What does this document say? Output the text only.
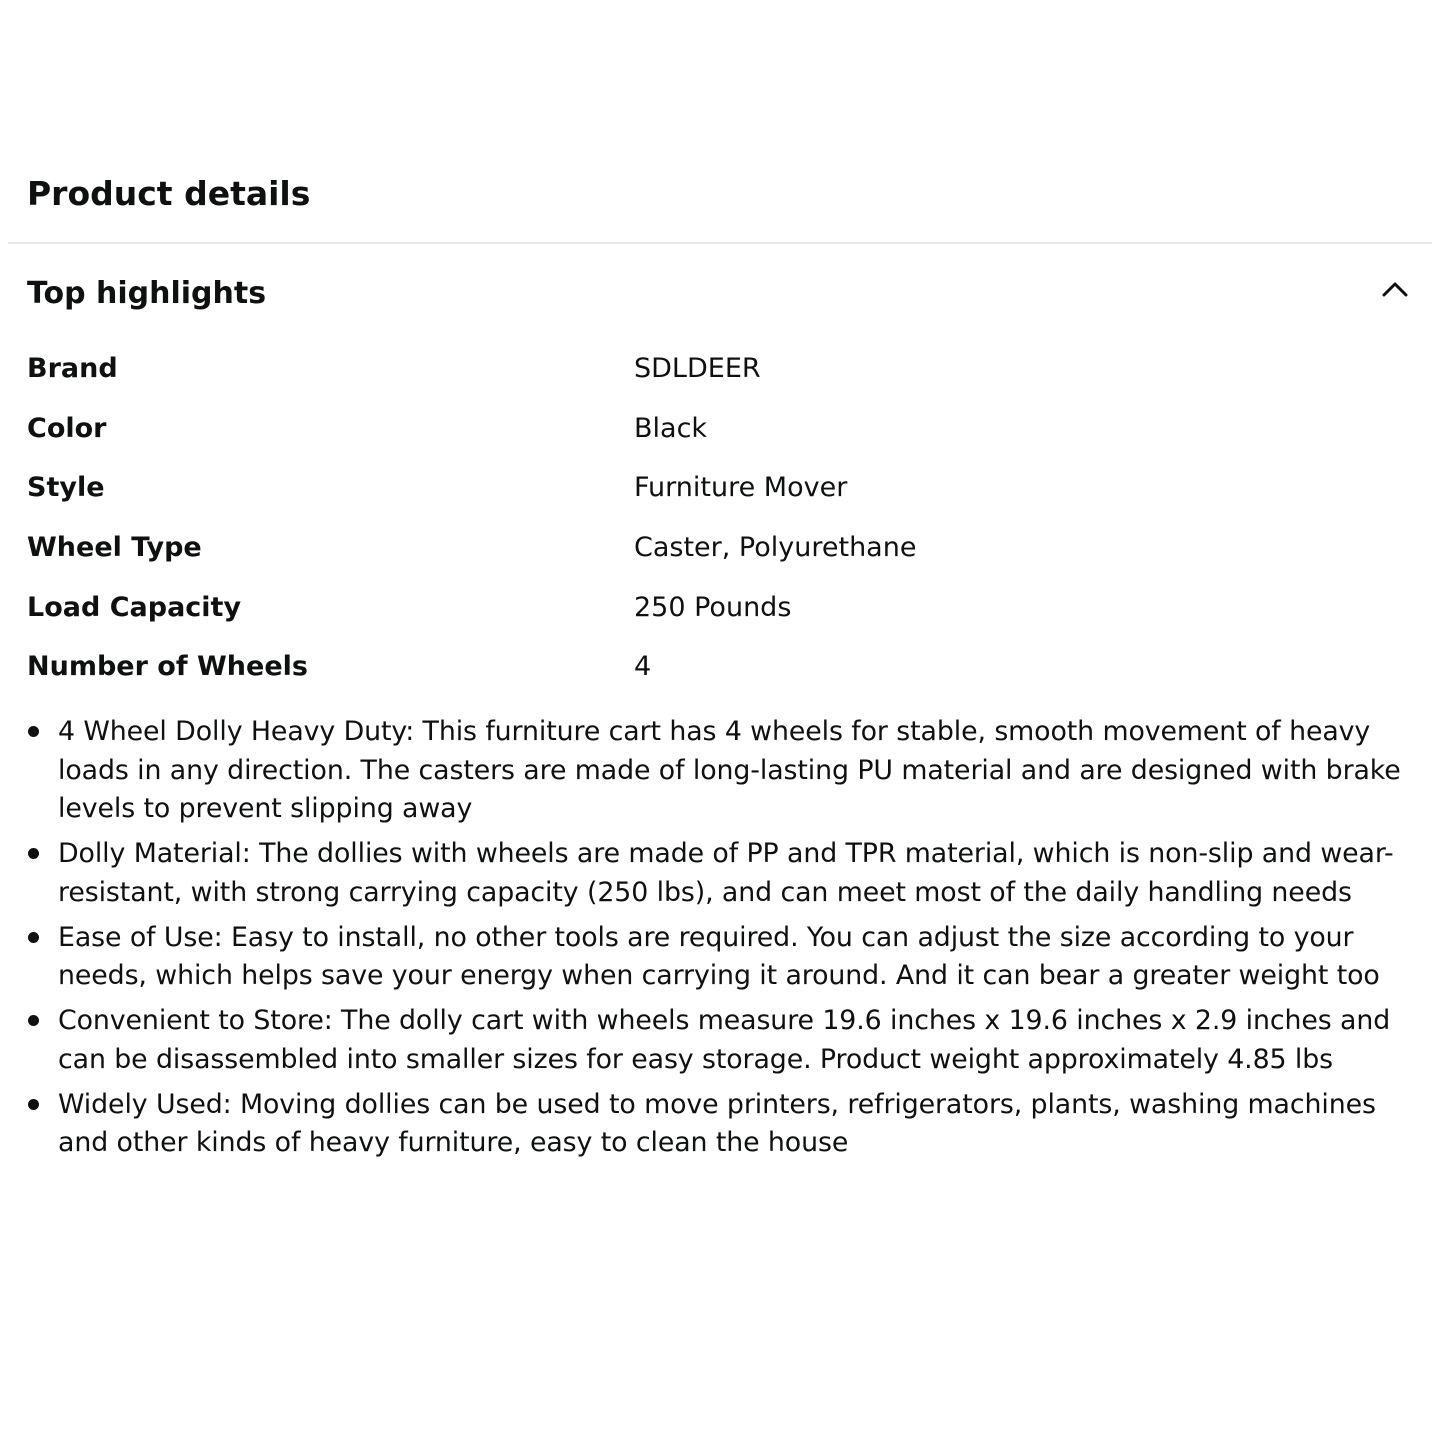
Product details
Top highlights
Brand	SDLDEER
Color	Black
Style	Furniture Mover
Wheel Type	Caster, Polyurethane
Load Capacity	250 Pounds
Number of Wheels	4
4 Wheel Dolly Heavy Duty: This furniture cart has 4 wheels for stable, smooth movement of heavy loads in any direction. The casters are made of long-lasting PU material and are designed with brake levels to prevent slipping away
Dolly Material: The dollies with wheels are made of PP and TPR material, which is non-slip and wear-resistant, with strong carrying capacity (250 lbs), and can meet most of the daily handling needs
Ease of Use: Easy to install, no other tools are required. You can adjust the size according to your needs, which helps save your energy when carrying it around. And it can bear a greater weight too
Convenient to Store: The dolly cart with wheels measure 19.6 inches x 19.6 inches x 2.9 inches and can be disassembled into smaller sizes for easy storage. Product weight approximately 4.85 lbs
Widely Used: Moving dollies can be used to move printers, refrigerators, plants, washing machines and other kinds of heavy furniture, easy to clean the house
